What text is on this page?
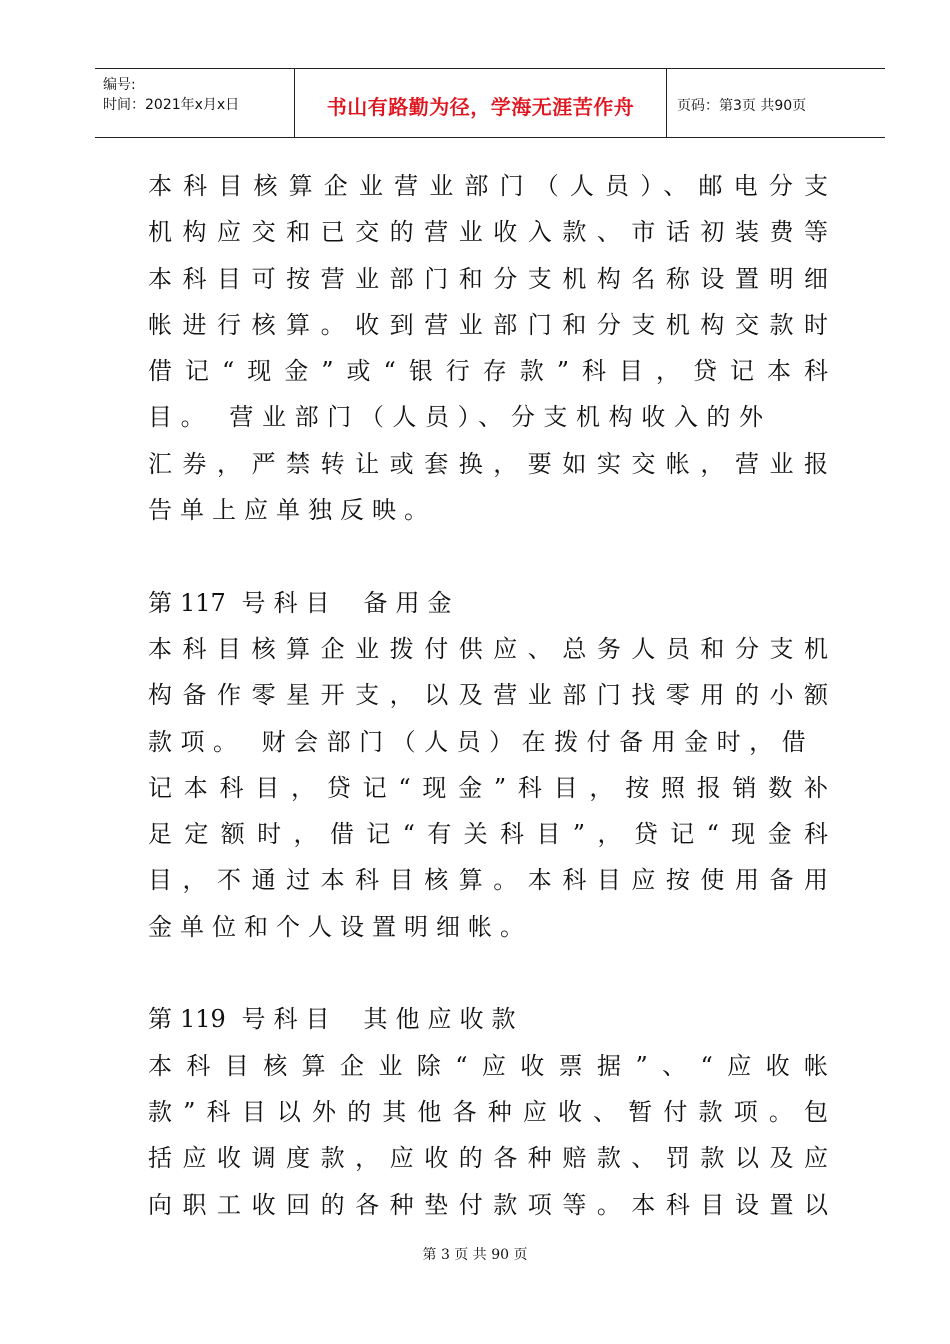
编号:
时间：2021年x月x日	书山有路勤为径，学海无涯苦作舟	页码：第3页 共90页
本科目核算企业营业部门（人员）、邮电分支
机构应交和已交的营业收入款、市话初装费等
本科目可按营业部门和分支机构名称设置明细
帐进行核算。收到营业部门和分支机构交款时
借记“现金”或“银行存款”科目，贷记本科
目。 营业部门（人员）、分支机构收入的外
汇券，严禁转让或套换，要如实交帐，营业报
告单上应单独反映。
第117 号科目 备用金
本科目核算企业拨付供应、总务人员和分支机
构备作零星开支，以及营业部门找零用的小额
款项。 财会部门（人员）在拨付备用金时，借
记本科目，贷记“现金”科目，按照报销数补
足定额时，借记“有关科目”，贷记“现金科
目，不通过本科目核算。本科目应按使用备用
金单位和个人设置明细帐。
第119 号科目 其他应收款
本科目核算企业除“应收票据”、“应收帐
款”科目以外的其他各种应收、暂付款项。包
括应收调度款，应收的各种赔款、罚款以及应
向职工收回的各种垫付款项等。本科目设置以
第 3 页 共 90 页
